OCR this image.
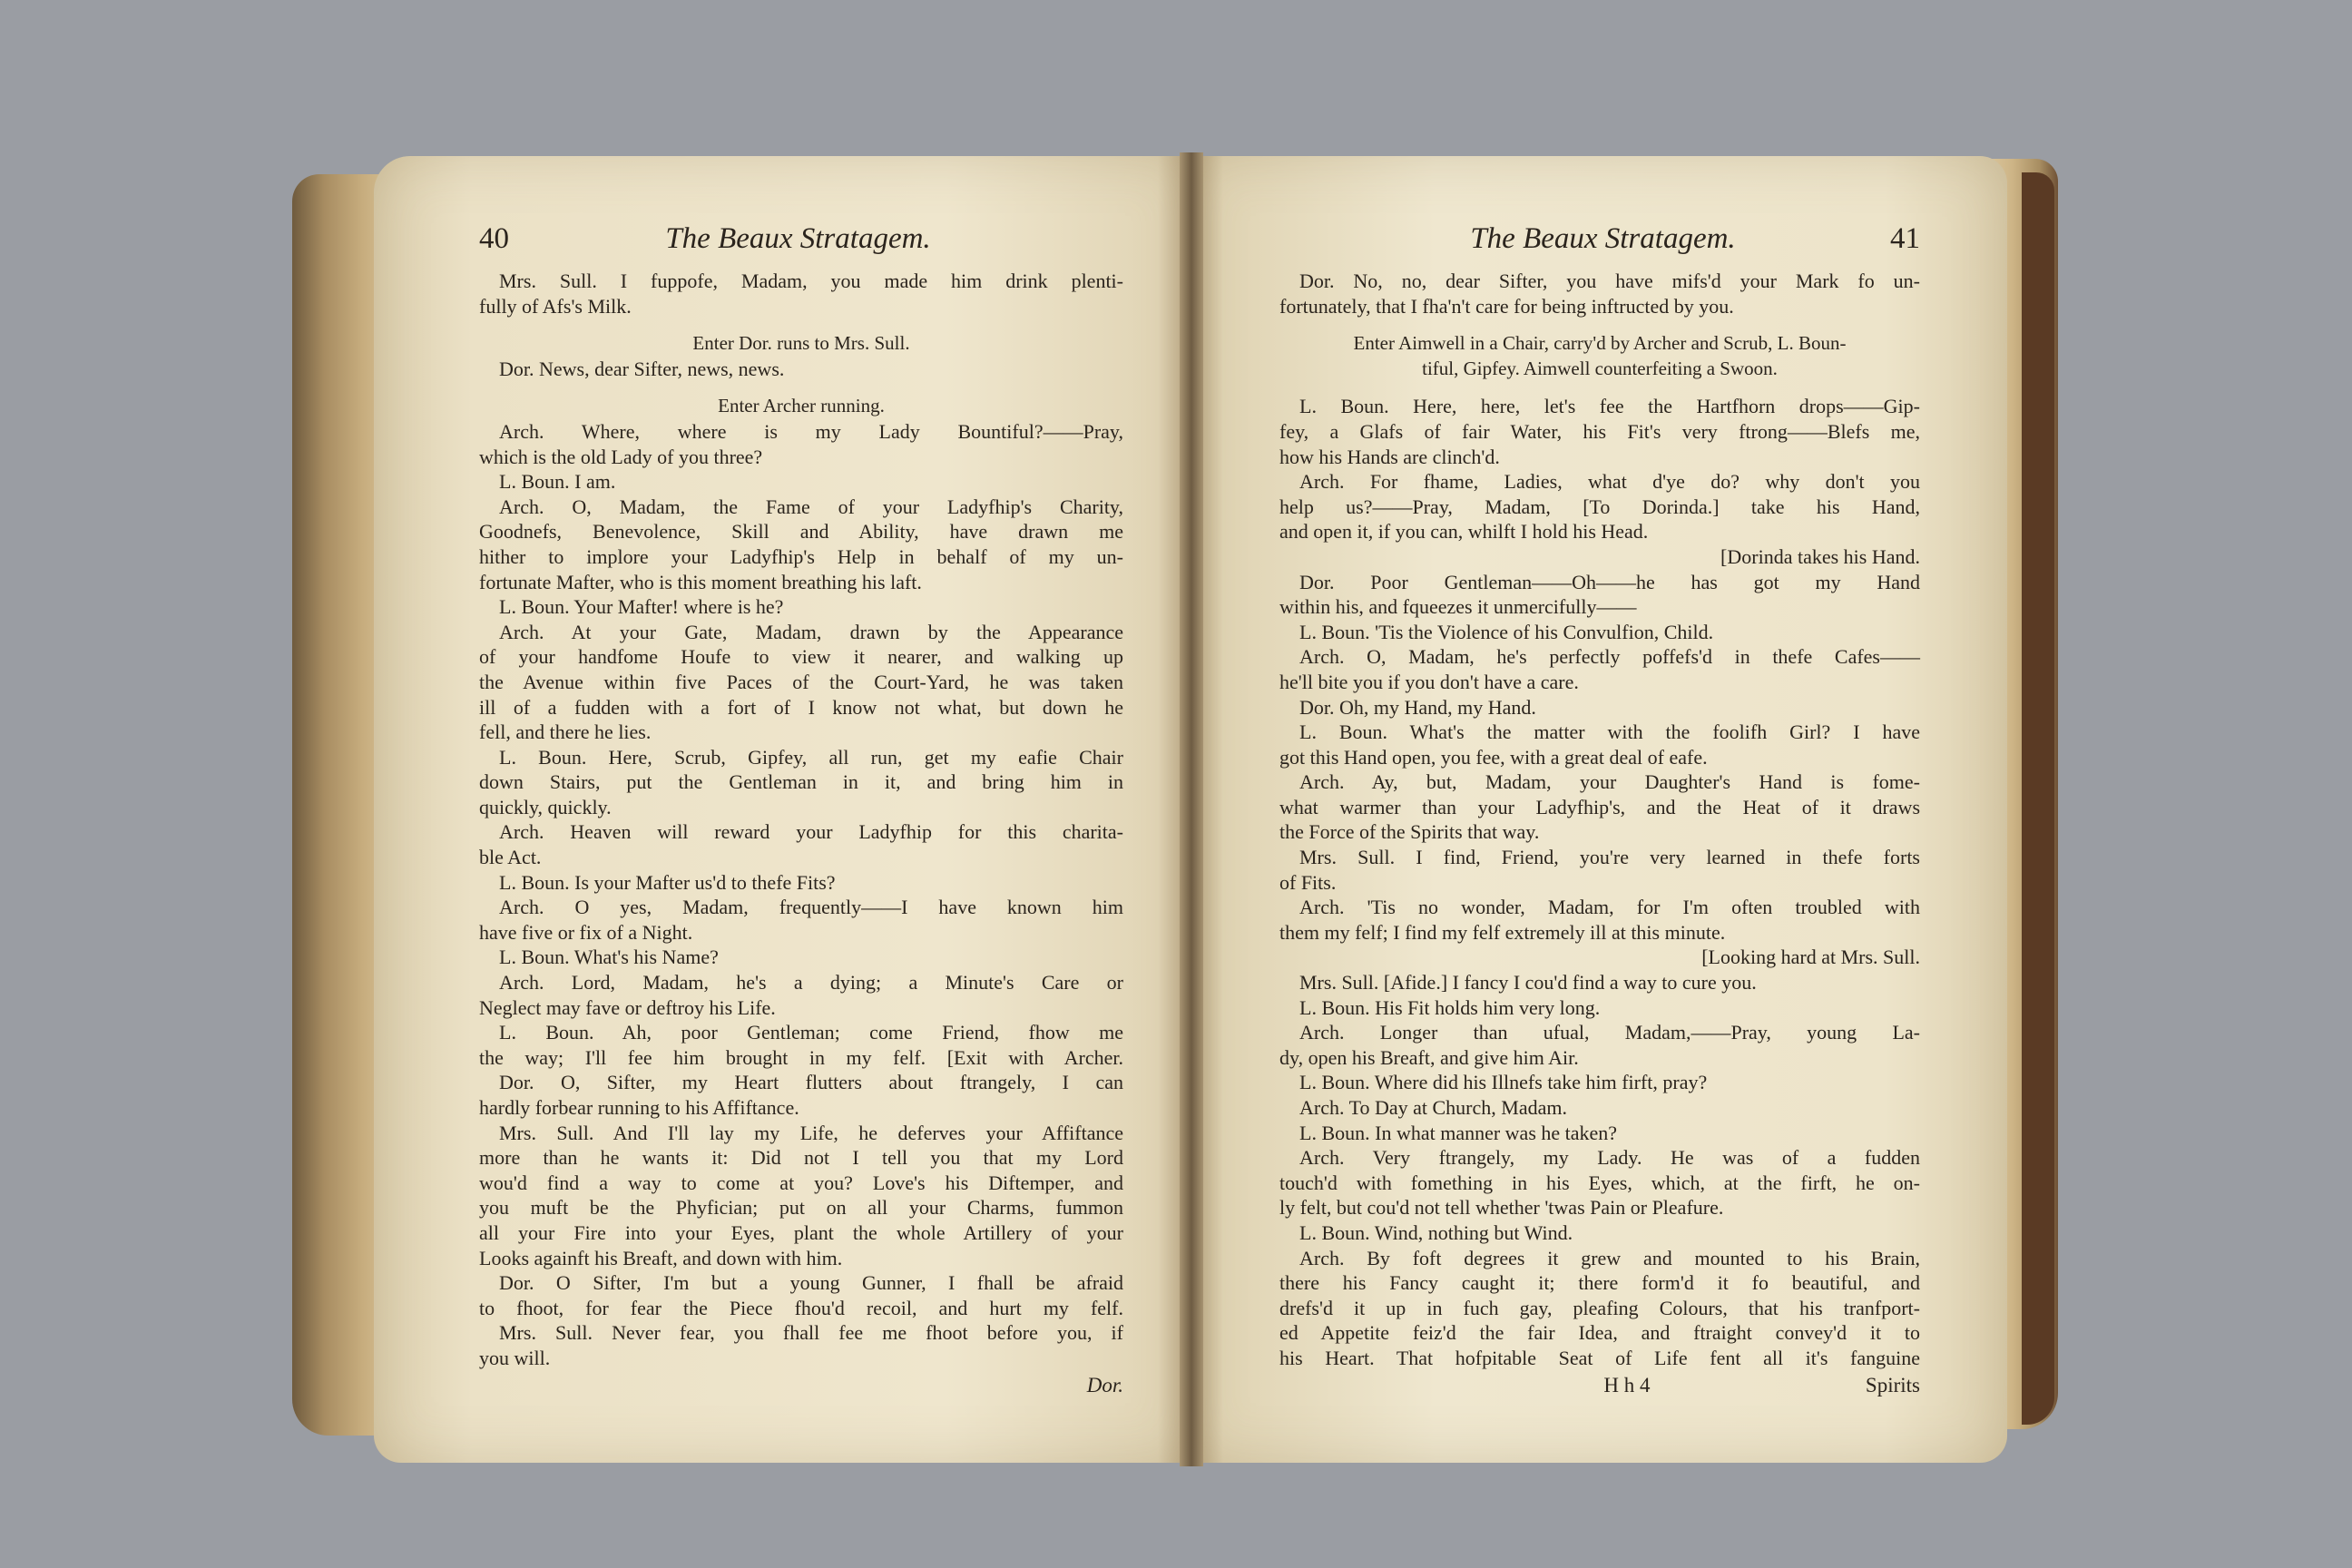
40	The Beaux Stratagem.
Mrs. Sull. I fuppofe, Madam, you made him drink plenti-
fully of Afs's Milk.
Enter Dor. runs to Mrs. Sull.
Dor. News, dear Sifter, news, news.
Enter Archer running.
Arch. Where, where is my Lady Bountiful?——Pray,
which is the old Lady of you three?
L. Boun. I am.
Arch. O, Madam, the Fame of your Ladyfhip's Charity,
Goodnefs, Benevolence, Skill and Ability, have drawn me
hither to implore your Ladyfhip's Help in behalf of my un-
fortunate Mafter, who is this moment breathing his laft.
L. Boun. Your Mafter! where is he?
Arch. At your Gate, Madam, drawn by the Appearance
of your handfome Houfe to view it nearer, and walking up
the Avenue within five Paces of the Court-Yard, he was taken
ill of a fudden with a fort of I know not what, but down he
fell, and there he lies.
L. Boun. Here, Scrub, Gipfey, all run, get my eafie Chair
down Stairs, put the Gentleman in it, and bring him in
quickly, quickly.
Arch. Heaven will reward your Ladyfhip for this charita-
ble Act.
L. Boun. Is your Mafter us'd to thefe Fits?
Arch. O yes, Madam, frequently——I have known him
have five or fix of a Night.
L. Boun. What's his Name?
Arch. Lord, Madam, he's a dying; a Minute's Care or
Neglect may fave or deftroy his Life.
L. Boun. Ah, poor Gentleman; come Friend, fhow me
the way; I'll fee him brought in my felf. [Exit with Archer.
Dor. O, Sifter, my Heart flutters about ftrangely, I can
hardly forbear running to his Affiftance.
Mrs. Sull. And I'll lay my Life, he deferves your Affiftance
more than he wants it: Did not I tell you that my Lord
wou'd find a way to come at you? Love's his Diftemper, and
you muft be the Phyfician; put on all your Charms, fummon
all your Fire into your Eyes, plant the whole Artillery of your
Looks againft his Breaft, and down with him.
Dor. O Sifter, I'm but a young Gunner, I fhall be afraid
to fhoot, for fear the Piece fhou'd recoil, and hurt my felf.
Mrs. Sull. Never fear, you fhall fee me fhoot before you, if
you will.
Dor.
The Beaux Stratagem.	41
Dor. No, no, dear Sifter, you have mifs'd your Mark fo un-
fortunately, that I fha'n't care for being inftructed by you.
Enter Aimwell in a Chair, carry'd by Archer and Scrub, L. Boun-
tiful, Gipfey. Aimwell counterfeiting a Swoon.
L. Boun. Here, here, let's fee the Hartfhorn drops——Gip-
fey, a Glafs of fair Water, his Fit's very ftrong——Blefs me,
how his Hands are clinch'd.
Arch. For fhame, Ladies, what d'ye do? why don't you
help us?——Pray, Madam, [To Dorinda.] take his Hand,
and open it, if you can, whilft I hold his Head.
[Dorinda takes his Hand.
Dor. Poor Gentleman——Oh——he has got my Hand
within his, and fqueezes it unmercifully——
L. Boun. 'Tis the Violence of his Convulfion, Child.
Arch. O, Madam, he's perfectly poffefs'd in thefe Cafes——
he'll bite you if you don't have a care.
Dor. Oh, my Hand, my Hand.
L. Boun. What's the matter with the foolifh Girl? I have
got this Hand open, you fee, with a great deal of eafe.
Arch. Ay, but, Madam, your Daughter's Hand is fome-
what warmer than your Ladyfhip's, and the Heat of it draws
the Force of the Spirits that way.
Mrs. Sull. I find, Friend, you're very learned in thefe forts
of Fits.
Arch. 'Tis no wonder, Madam, for I'm often troubled with
them my felf; I find my felf extremely ill at this minute.
[Looking hard at Mrs. Sull.
Mrs. Sull. [Afide.] I fancy I cou'd find a way to cure you.
L. Boun. His Fit holds him very long.
Arch. Longer than ufual, Madam,——Pray, young La-
dy, open his Breaft, and give him Air.
L. Boun. Where did his Illnefs take him firft, pray?
Arch. To Day at Church, Madam.
L. Boun. In what manner was he taken?
Arch. Very ftrangely, my Lady. He was of a fudden
touch'd with fomething in his Eyes, which, at the firft, he on-
ly felt, but cou'd not tell whether 'twas Pain or Pleafure.
L. Boun. Wind, nothing but Wind.
Arch. By foft degrees it grew and mounted to his Brain,
there his Fancy caught it; there form'd it fo beautiful, and
drefs'd it up in fuch gay, pleafing Colours, that his tranfport-
ed Appetite feiz'd the fair Idea, and ftraight convey'd it to
his Heart. That hofpitable Seat of Life fent all it's fanguine
H h 4	Spirits
